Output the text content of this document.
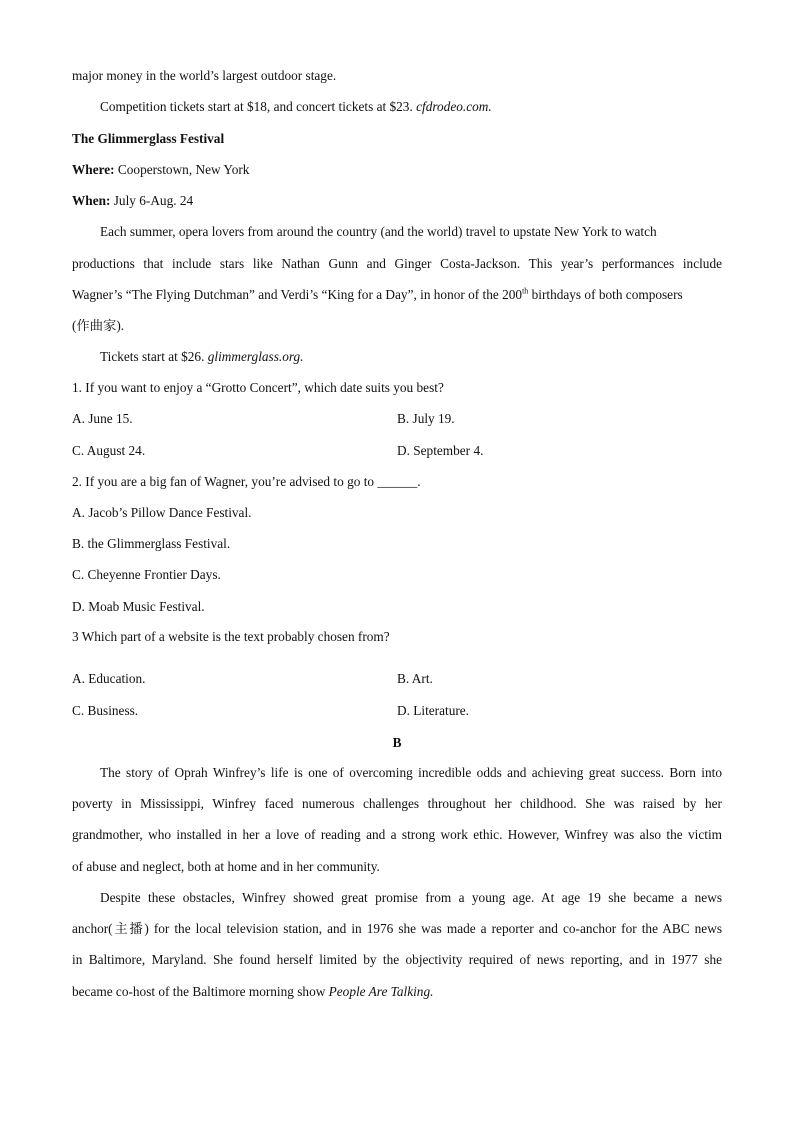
major money in the world’s largest outdoor stage.
Competition tickets start at $18, and concert tickets at $23. cfdrodeo.com.
The Glimmerglass Festival
Where: Cooperstown, New York
When: July 6-Aug. 24
Each summer, opera lovers from around the country (and the world) travel to upstate New York to watch
productions that include stars like Nathan Gunn and Ginger Costa-Jackson. This year’s performances include
Wagner’s “The Flying Dutchman” and Verdi’s “King for a Day”, in honor of the 200th birthdays of both composers
(作曲家).
Tickets start at $26. glimmerglass.org.
1. If you want to enjoy a “Grotto Concert”, which date suits you best?
A. June 15.	B. July 19.
C. August 24.	D. September 4.
2. If you are a big fan of Wagner, you’re advised to go to ______.
A. Jacob’s Pillow Dance Festival.
B. the Glimmerglass Festival.
C. Cheyenne Frontier Days.
D. Moab Music Festival.
3 Which part of a website is the text probably chosen from?
A. Education.	B. Art.
C. Business.	D. Literature.
B
The story of Oprah Winfrey’s life is one of overcoming incredible odds and achieving great success. Born into
poverty in Mississippi, Winfrey faced numerous challenges throughout her childhood. She was raised by her
grandmother, who installed in her a love of reading and a strong work ethic. However, Winfrey was also the victim
of abuse and neglect, both at home and in her community.
Despite these obstacles, Winfrey showed great promise from a young age. At age 19 she became a news
anchor(主播) for the local television station, and in 1976 she was made a reporter and co-anchor for the ABC news
in Baltimore, Maryland. She found herself limited by the objectivity required of news reporting, and in 1977 she
became co-host of the Baltimore morning show People Are Talking.
